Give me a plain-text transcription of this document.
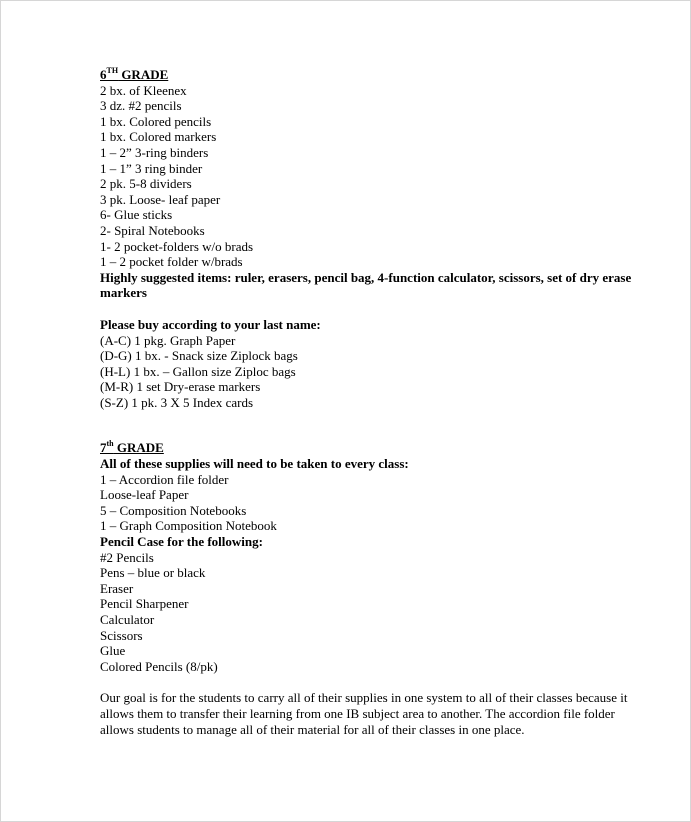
6TH GRADE
2 bx. of Kleenex
3 dz. #2 pencils
1 bx. Colored pencils
1 bx. Colored markers
1 – 2” 3-ring binders
1 – 1” 3 ring binder
2 pk. 5-8 dividers
3 pk. Loose- leaf paper
6- Glue sticks
2- Spiral Notebooks
1- 2 pocket-folders w/o brads
1 – 2 pocket folder w/brads
Highly suggested items: ruler, erasers, pencil bag, 4-function calculator, scissors, set of dry erase markers
Please buy according to your last name:
(A-C) 1 pkg. Graph Paper
(D-G) 1 bx. - Snack size Ziplock bags
(H-L) 1 bx. – Gallon size Ziploc bags
(M-R) 1 set Dry-erase markers
(S-Z) 1 pk. 3 X 5 Index cards
7th GRADE
All of these supplies will need to be taken to every class:
1 – Accordion file folder
Loose-leaf Paper
5 – Composition Notebooks
1 – Graph Composition Notebook
Pencil Case for the following:
#2 Pencils
Pens – blue or black
Eraser
Pencil Sharpener
Calculator
Scissors
Glue
Colored Pencils (8/pk)

Our goal is for the students to carry all of their supplies in one system to all of their classes because it allows them to transfer their learning from one IB subject area to another. The accordion file folder allows students to manage all of their material for all of their classes in one place.
